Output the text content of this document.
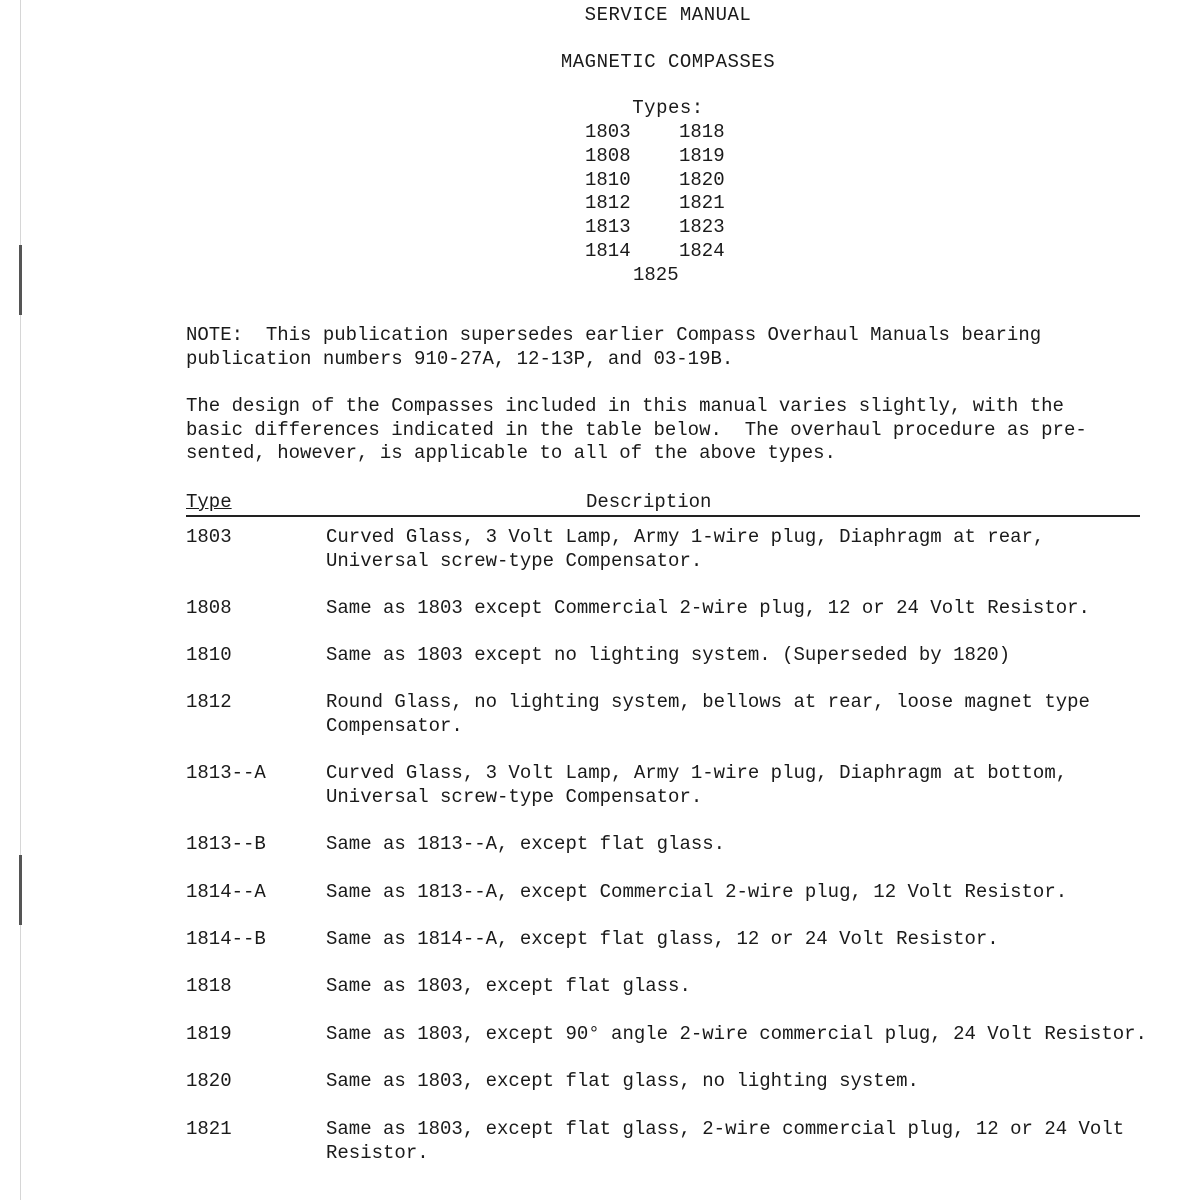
SERVICE MANUAL
MAGNETIC COMPASSES
Types:
1803	1818
1808	1819
1810	1820
1812	1821
1813	1823
1814	1824
1825
NOTE:  This publication supersedes earlier Compass Overhaul Manuals bearing
publication numbers 910-27A, 12-13P, and 03-19B.
The design of the Compasses included in this manual varies slightly, with the
basic differences indicated in the table below.  The overhaul procedure as pre-
sented, however, is applicable to all of the above types.
Type	Description
1803	Curved Glass, 3 Volt Lamp, Army 1-wire plug, Diaphragm at rear,
Universal screw-type Compensator.
1808	Same as 1803 except Commercial 2-wire plug, 12 or 24 Volt Resistor.
1810	Same as 1803 except no lighting system. (Superseded by 1820)
1812	Round Glass, no lighting system, bellows at rear, loose magnet type
Compensator.
1813--A	Curved Glass, 3 Volt Lamp, Army 1-wire plug, Diaphragm at bottom,
Universal screw-type Compensator.
1813--B	Same as 1813--A, except flat glass.
1814--A	Same as 1813--A, except Commercial 2-wire plug, 12 Volt Resistor.
1814--B	Same as 1814--A, except flat glass, 12 or 24 Volt Resistor.
1818	Same as 1803, except flat glass.
1819	Same as 1803, except 90° angle 2-wire commercial plug, 24 Volt Resistor.
1820	Same as 1803, except flat glass, no lighting system.
1821	Same as 1803, except flat glass, 2-wire commercial plug, 12 or 24 Volt
Resistor.
